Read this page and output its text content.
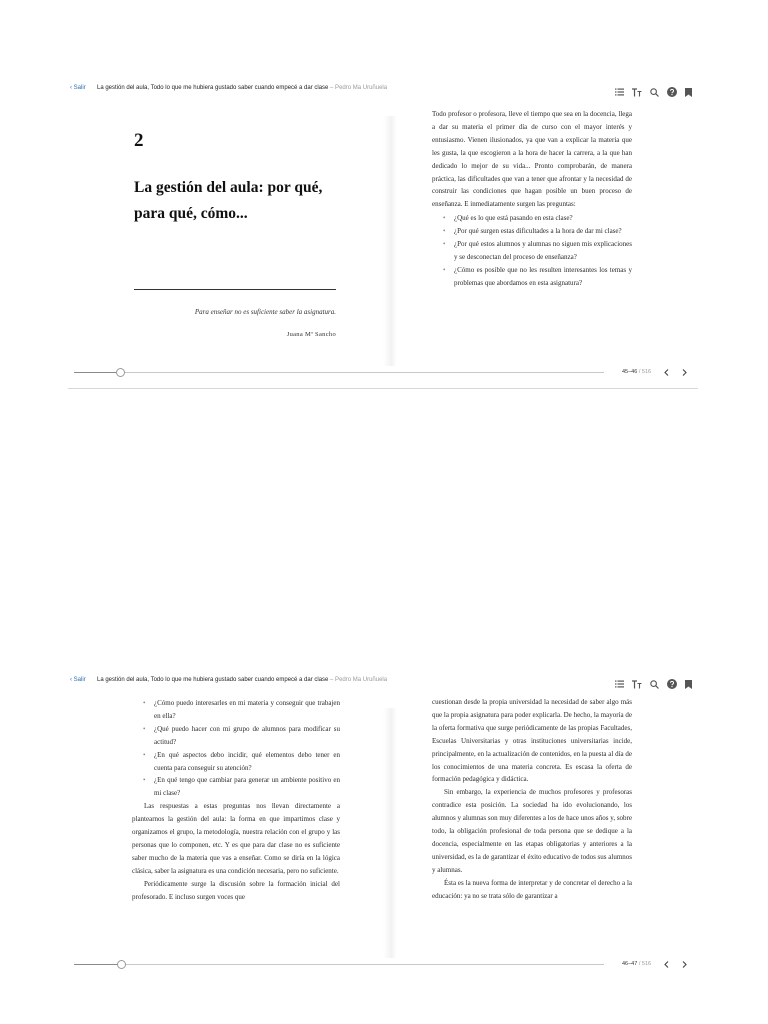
‹ Salir La gestión del aula, Todo lo que me hubiera gustado saber cuando empecé a dar clase – Pedro Ma Uruñuela
2
La gestión del aula: por qué, para qué, cómo...
Para enseñar no es suficiente saber la asignatura.
Juana Mª Sancho

Todo profesor o profesora, lleve el tiempo que sea en la docencia, llega a dar su materia el primer día de curso con el mayor interés y entusiasmo. Vienen ilusionados, ya que van a explicar la materia que les gusta, la que escogieron a la hora de hacer la carrera, a la que han dedicado lo mejor de su vida... Pronto comprobarán, de manera práctica, las dificultades que van a tener que afrontar y la necesidad de construir las condiciones que hagan posible un buen proceso de enseñanza. E inmediatamente surgen las preguntas:

• ¿Qué es lo que está pasando en esta clase?
• ¿Por qué surgen estas dificultades a la hora de dar mi clase?
• ¿Por qué estos alumnos y alumnas no siguen mis explicaciones y se desconectan del proceso de enseñanza?
• ¿Cómo es posible que no les resulten interesantes los temas y problemas que abordamos en esta asignatura?
45–46 / 516
‹ Salir La gestión del aula, Todo lo que me hubiera gustado saber cuando empecé a dar clase – Pedro Ma Uruñuela
• ¿Cómo puedo interesarles en mi materia y conseguir que trabajen en ella?
• ¿Qué puedo hacer con mi grupo de alumnos para modificar su actitud?
• ¿En qué aspectos debo incidir, qué elementos debo tener en cuenta para conseguir su atención?
• ¿En qué tengo que cambiar para generar un ambiente positivo en mi clase?

Las respuestas a estas preguntas nos llevan directamente a plantearnos la gestión del aula: la forma en que impartimos clase y organizamos el grupo, la metodología, nuestra relación con el grupo y las personas que lo componen, etc. Y es que para dar clase no es suficiente saber mucho de la materia que vas a enseñar. Como se diría en la lógica clásica, saber la asignatura es una condición necesaria, pero no suficiente.

Periódicamente surge la discusión sobre la formación inicial del profesorado. E incluso surgen voces que

cuestionan desde la propia universidad la necesidad de saber algo más que la propia asignatura para poder explicarla. De hecho, la mayoría de la oferta formativa que surge periódicamente de las propias Facultades, Escuelas Universitarias y otras instituciones universitarias incide, principalmente, en la actualización de contenidos, en la puesta al día de los conocimientos de una materia concreta. Es escasa la oferta de formación pedagógica y didáctica.

Sin embargo, la experiencia de muchos profesores y profesoras contradice esta posición. La sociedad ha ido evolucionando, los alumnos y alumnas son muy diferentes a los de hace unos años y, sobre todo, la obligación profesional de toda persona que se dedique a la docencia, especialmente en las etapas obligatorias y anteriores a la universidad, es la de garantizar el éxito educativo de todos sus alumnos y alumnas.

Ésta es la nueva forma de interpretar y de concretar el derecho a la educación: ya no se trata sólo de garantizar a

46–47 / 516
